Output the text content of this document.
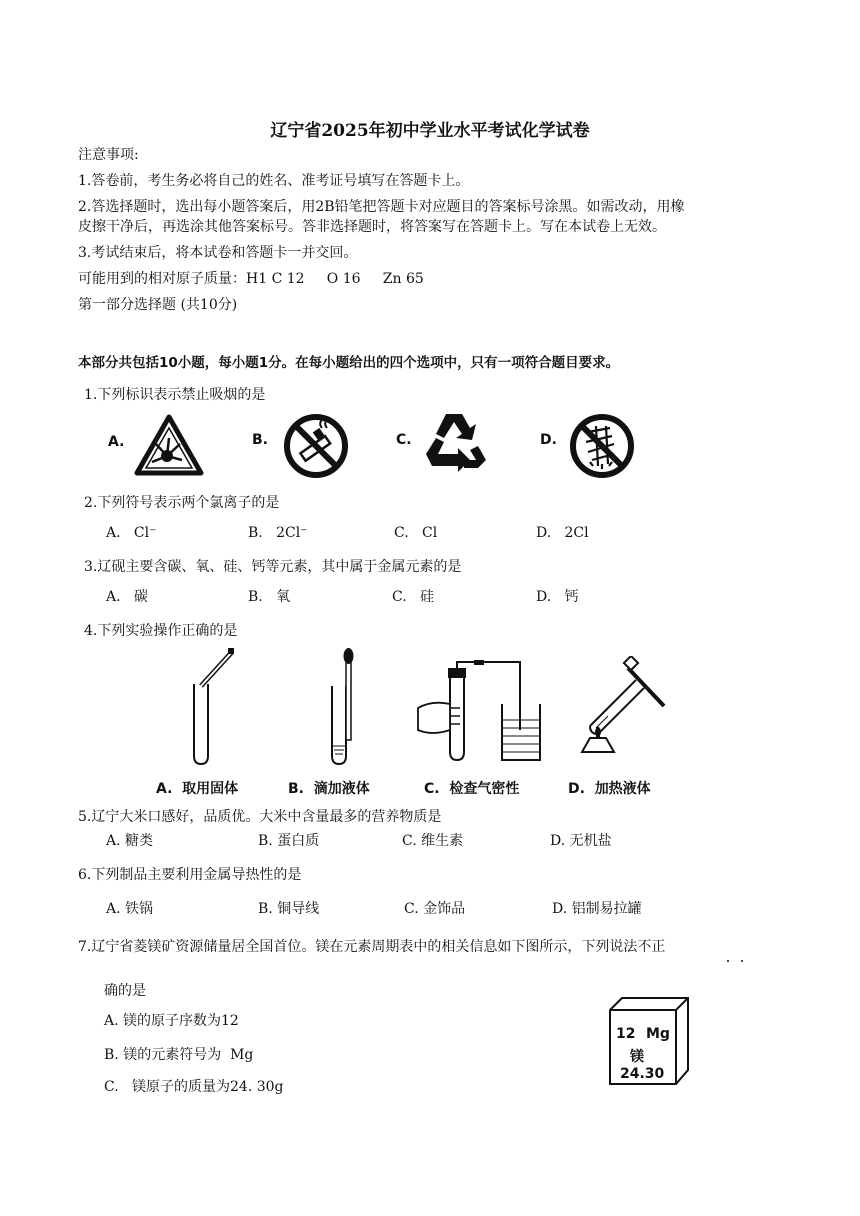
辽宁省2025年初中学业水平考试化学试卷
注意事项:
1.答卷前，考生务必将自己的姓名、准考证号填写在答题卡上。
2.答选择题时，选出每小题答案后，用2B铅笔把答题卡对应题目的答案标号涂黑。如需改动，用橡
皮擦干净后，再选涂其他答案标号。答非选择题时，将答案写在答题卡上。写在本试卷上无效。
3.考试结束后，将本试卷和答题卡一并交回。
可能用到的相对原子质量：H1 C 12     O 16     Zn 65
第一部分选择题 (共10分)
本部分共包括10小题，每小题1分。在每小题给出的四个选项中，只有一项符合题目要求。
1.下列标识表示禁止吸烟的是
A.	B.	C.	D.
2.下列符号表示两个氯离子的是
A.   Cl⁻	B.   2Cl⁻	C.   Cl	D.   2Cl
3.辽砚主要含碳、氧、硅、钙等元素，其中属于金属元素的是
A.   碳	B.   氧	C.   硅	D.   钙
4.下列实验操作正确的是
A.  取用固体	B.  滴加液体	C.  检查气密性	D.  加热液体
5.辽宁大米口感好，品质优。大米中含量最多的营养物质是
A. 糖类	B. 蛋白质	C. 维生素	D. 无机盐
6.下列制品主要利用金属导热性的是
A. 铁锅	B. 铜导线	C. 金饰品	D. 铝制易拉罐
7.辽宁省菱镁矿资源储量居全国首位。镁在元素周期表中的相关信息如下图所示，下列说法不正
确的是
A. 镁的原子序数为12
B. 镁的元素符号为  Mg
C.   镁原子的质量为24. 30g
12 Mg
镁
24.30
